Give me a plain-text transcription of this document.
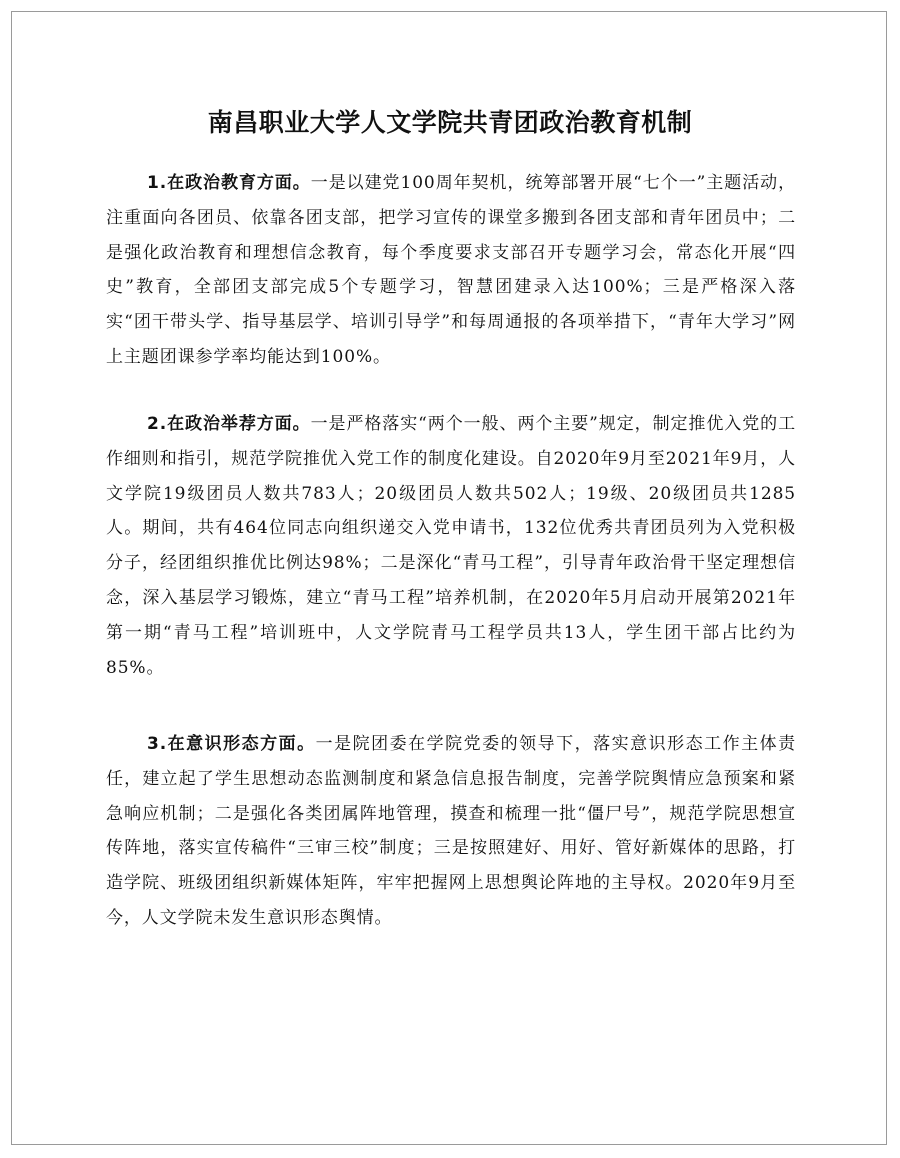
南昌职业大学人文学院共青团政治教育机制

1.在政治教育方面。一是以建党100周年契机，统筹部署开展“七个一”主题活动，注重面向各团员、依靠各团支部，把学习宣传的课堂多搬到各团支部和青年团员中；二是强化政治教育和理想信念教育，每个季度要求支部召开专题学习会，常态化开展“四史”教育，全部团支部完成5个专题学习，智慧团建录入达100%；三是严格深入落实“团干带头学、指导基层学、培训引导学”和每周通报的各项举措下，“青年大学习”网上主题团课参学率均能达到100%。

2.在政治举荐方面。一是严格落实“两个一般、两个主要”规定，制定推优入党的工作细则和指引，规范学院推优入党工作的制度化建设。自2020年9月至2021年9月，人文学院19级团员人数共783人；20级团员人数共502人；19级、20级团员共1285人。期间，共有464位同志向组织递交入党申请书，132位优秀共青团员列为入党积极分子，经团组织推优比例达98%；二是深化“青马工程”，引导青年政治骨干坚定理想信念，深入基层学习锻炼，建立“青马工程”培养机制，在2020年5月启动开展第2021年第一期“青马工程”培训班中，人文学院青马工程学员共13人，学生团干部占比约为85%。

3.在意识形态方面。一是院团委在学院党委的领导下，落实意识形态工作主体责任，建立起了学生思想动态监测制度和紧急信息报告制度，完善学院舆情应急预案和紧急响应机制；二是强化各类团属阵地管理，摸查和梳理一批“僵尸号”，规范学院思想宣传阵地，落实宣传稿件“三审三校”制度；三是按照建好、用好、管好新媒体的思路，打造学院、班级团组织新媒体矩阵，牢牢把握网上思想舆论阵地的主导权。2020年9月至今，人文学院未发生意识形态舆情。
